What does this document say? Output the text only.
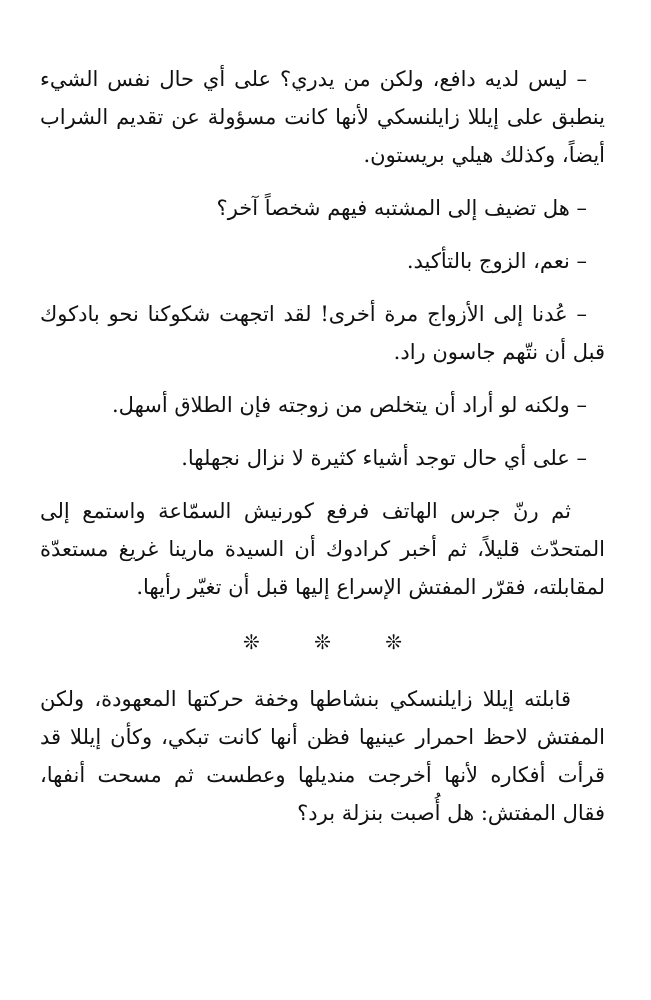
– ليس لديه دافع، ولكن من يدري؟ على أي حال نفس الشيء ينطبق على إيللا زايلنسكي لأنها كانت مسؤولة عن تقديم الشراب أيضاً، وكذلك هيلي بريستون.

– هل تضيف إلى المشتبه فيهم شخصاً آخر؟

– نعم، الزوج بالتأكيد.

– عُدنا إلى الأزواج مرة أخرى! لقد اتجهت شكوكنا نحو بادكوك قبل أن نتّهم جاسون راد.

– ولكنه لو أراد أن يتخلص من زوجته فإن الطلاق أسهل.

– على أي حال توجد أشياء كثيرة لا نزال نجهلها.

ثم رنّ جرس الهاتف فرفع كورنيش السمّاعة واستمع إلى المتحدّث قليلاً، ثم أخبر كرادوك أن السيدة مارينا غريغ مستعدّة لمقابلته، فقرّر المفتش الإسراع إليها قبل أن تغيّر رأيها.

❊ ❊ ❊

قابلته إيللا زايلنسكي بنشاطها وخفة حركتها المعهودة، ولكن المفتش لاحظ احمرار عينيها فظن أنها كانت تبكي، وكأن إيللا قد قرأت أفكاره لأنها أخرجت منديلها وعطست ثم مسحت أنفها، فقال المفتش: هل أُصبت بنزلة برد؟
